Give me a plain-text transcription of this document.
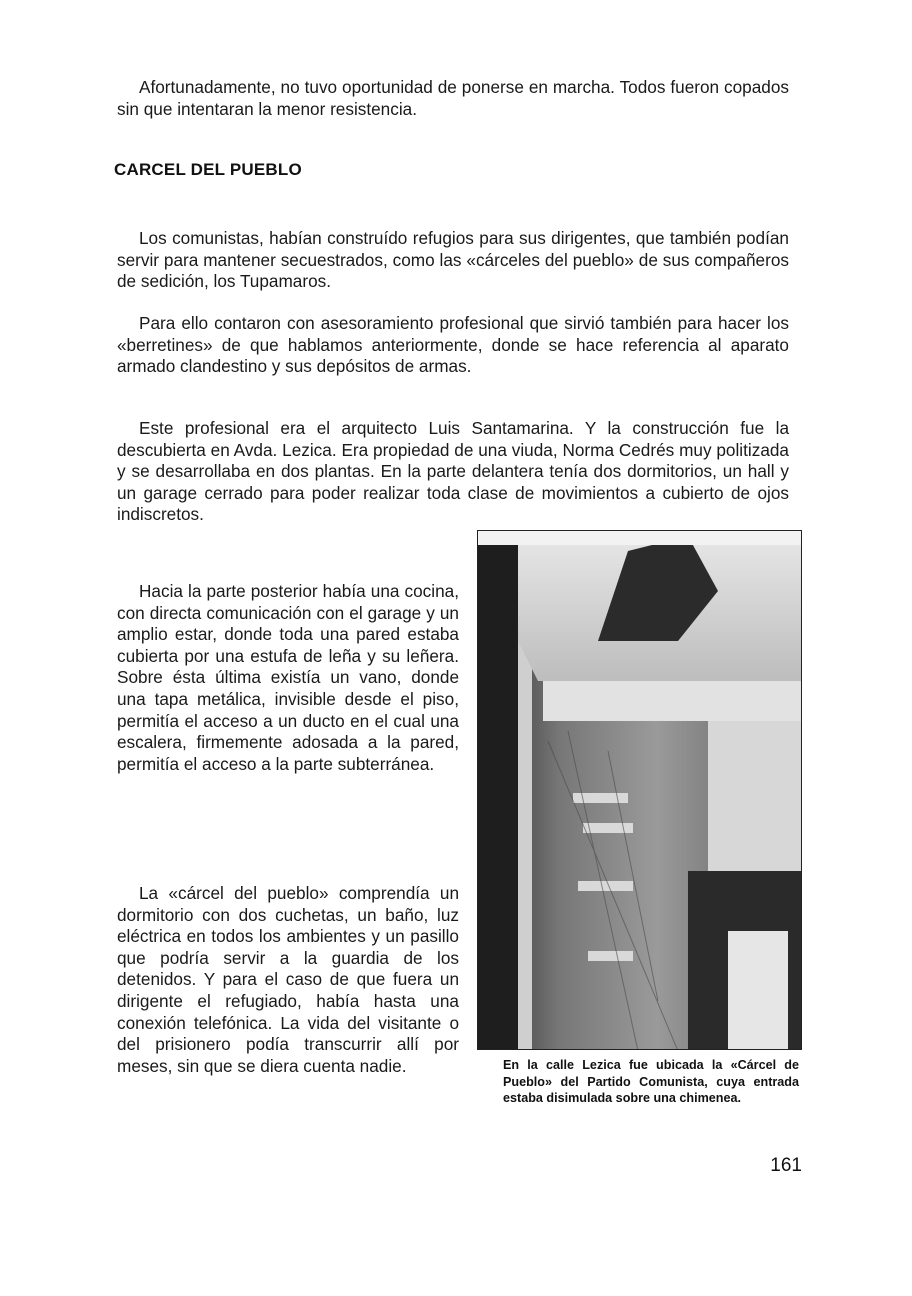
Afortunadamente, no tuvo oportunidad de ponerse en marcha. Todos fueron copados sin que intentaran la menor resistencia.

CARCEL DEL PUEBLO

Los comunistas, habían construído refugios para sus dirigentes, que también podían servir para mantener secuestrados, como las «cárceles del pueblo» de sus compañeros de sedición, los Tupamaros.

Para ello contaron con asesoramiento profesional que sirvió también para hacer los «berretines» de que hablamos anteriormente, donde se hace referencia al aparato armado clandestino y sus depósitos de armas.

Este profesional era el arquitecto Luis Santamarina. Y la construcción fue la descubierta en Avda. Lezica. Era propiedad de una viuda, Norma Cedrés muy politizada y se desarrollaba en dos plantas. En la parte delantera tenía dos dormitorios, un hall y un garage cerrado para poder realizar toda clase de movimientos a cubierto de ojos indiscretos.

Hacia la parte posterior había una cocina, con directa comunicación con el garage y un amplio estar, donde toda una pared estaba cubierta por una estufa de leña y su leñera. Sobre ésta última existía un vano, donde una tapa metálica, invisible desde el piso, permitía el acceso a un ducto en el cual una escalera, firmemente adosada a la pared, permitía el acceso a la parte subterránea.

La «cárcel del pueblo» comprendía un dormitorio con dos cuchetas, un baño, luz eléctrica en todos los ambientes y un pasillo que podría servir a la guardia de los detenidos. Y para el caso de que fuera un dirigente el refugiado, había hasta una conexión telefónica. La vida del visitante o del prisionero podía transcurrir allí por meses, sin que se diera cuenta nadie.	En la calle Lezica fue ubicada la «Cárcel de Pueblo» del Partido Comunista, cuya entrada estaba disimulada sobre una chimenea.

161
